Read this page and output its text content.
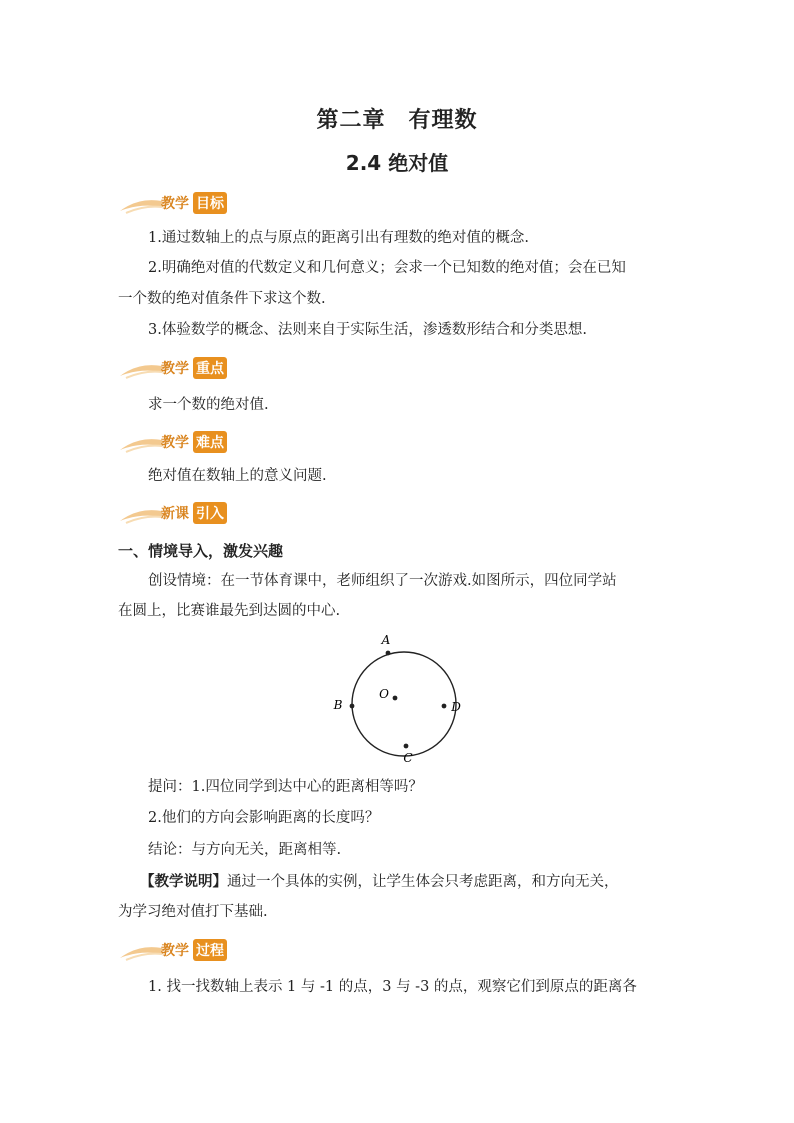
第二章　有理数
2.4 绝对值
教学 目标
1.通过数轴上的点与原点的距离引出有理数的绝对值的概念.
2.明确绝对值的代数定义和几何意义；会求一个已知数的绝对值；会在已知
一个数的绝对值条件下求这个数.
3.体验数学的概念、法则来自于实际生活，渗透数形结合和分类思想.
教学 重点
求一个数的绝对值.
教学 难点
绝对值在数轴上的意义问题.
新课 引入
一、情境导入，激发兴趣
创设情境：在一节体育课中，老师组织了一次游戏.如图所示，四位同学站
在圆上，比赛谁最先到达圆的中心.
A
B
C
D
O
提问：1.四位同学到达中心的距离相等吗？
2.他们的方向会影响距离的长度吗？
结论：与方向无关，距离相等.
【教学说明】通过一个具体的实例，让学生体会只考虑距离，和方向无关，
为学习绝对值打下基础.
教学 过程
1. 找一找数轴上表示 1 与 -1 的点，3 与 -3 的点，观察它们到原点的距离各
